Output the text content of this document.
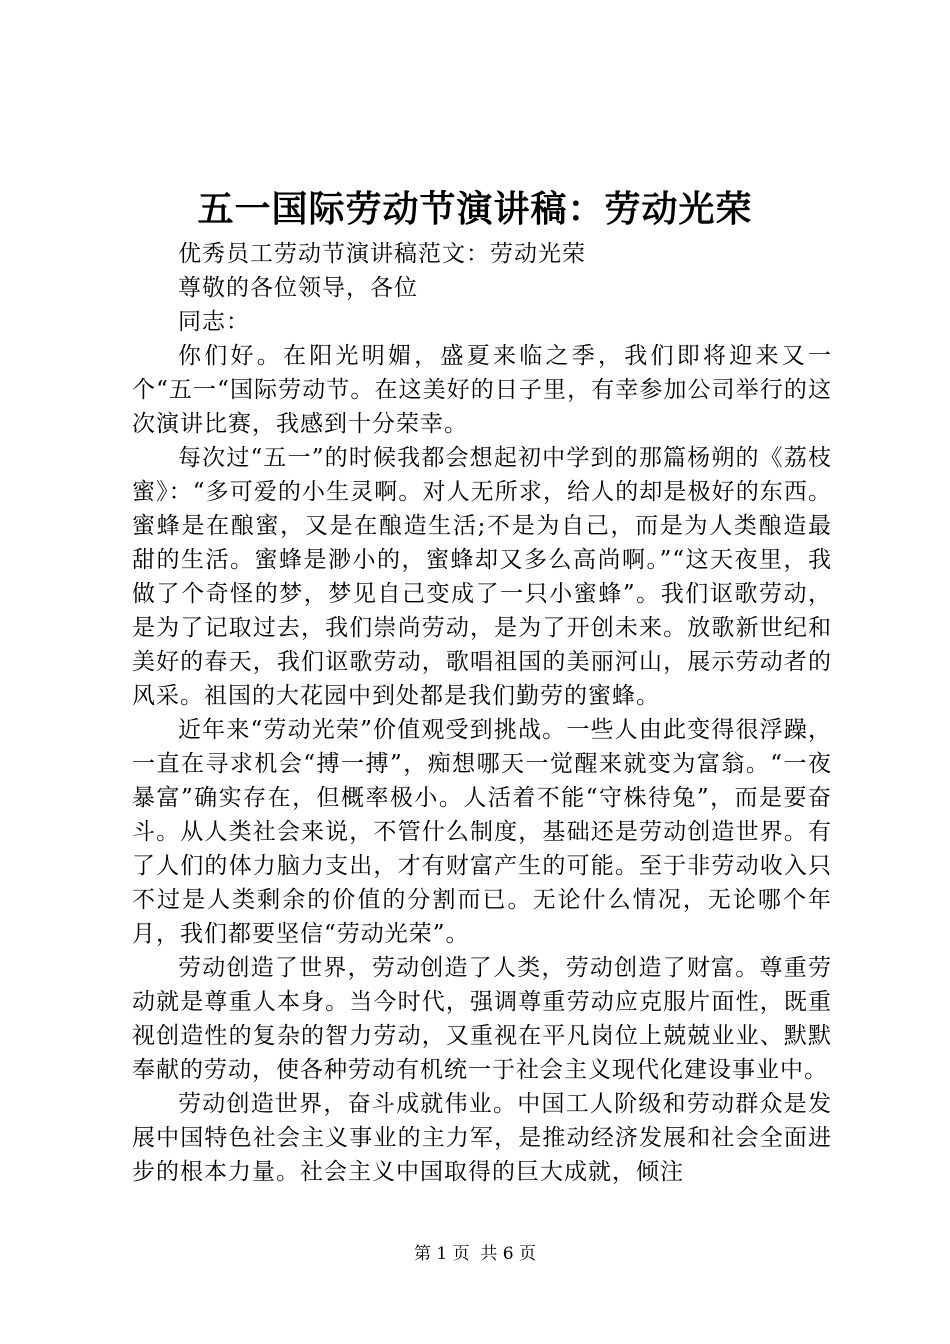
五一国际劳动节演讲稿：劳动光荣

优秀员工劳动节演讲稿范文：劳动光荣

尊敬的各位领导，各位

同志：

你们好。在阳光明媚，盛夏来临之季，我们即将迎来又一个“五一“国际劳动节。在这美好的日子里，有幸参加公司举行的这次演讲比赛，我感到十分荣幸。

每次过“五一”的时候我都会想起初中学到的那篇杨朔的《荔枝蜜》：“多可爱的小生灵啊。对人无所求，给人的却是极好的东西。蜜蜂是在酿蜜，又是在酿造生活;不是为自己，而是为人类酿造最甜的生活。蜜蜂是渺小的，蜜蜂却又多么高尚啊。”“这天夜里，我做了个奇怪的梦，梦见自己变成了一只小蜜蜂”。我们讴歌劳动，是为了记取过去，我们崇尚劳动，是为了开创未来。放歌新世纪和美好的春天，我们讴歌劳动，歌唱祖国的美丽河山，展示劳动者的风采。祖国的大花园中到处都是我们勤劳的蜜蜂。

近年来“劳动光荣”价值观受到挑战。一些人由此变得很浮躁，一直在寻求机会“搏一搏”，痴想哪天一觉醒来就变为富翁。“一夜暴富”确实存在，但概率极小。人活着不能“守株待兔”，而是要奋斗。从人类社会来说，不管什么制度，基础还是劳动创造世界。有了人们的体力脑力支出，才有财富产生的可能。至于非劳动收入只不过是人类剩余的价值的分割而已。无论什么情况，无论哪个年月，我们都要坚信“劳动光荣”。

劳动创造了世界，劳动创造了人类，劳动创造了财富。尊重劳动就是尊重人本身。当今时代，强调尊重劳动应克服片面性，既重视创造性的复杂的智力劳动，又重视在平凡岗位上兢兢业业、默默奉献的劳动，使各种劳动有机统一于社会主义现代化建设事业中。

劳动创造世界，奋斗成就伟业。中国工人阶级和劳动群众是发展中国特色社会主义事业的主力军，是推动经济发展和社会全面进步的根本力量。社会主义中国取得的巨大成就，倾注

第 1 页  共 6 页
